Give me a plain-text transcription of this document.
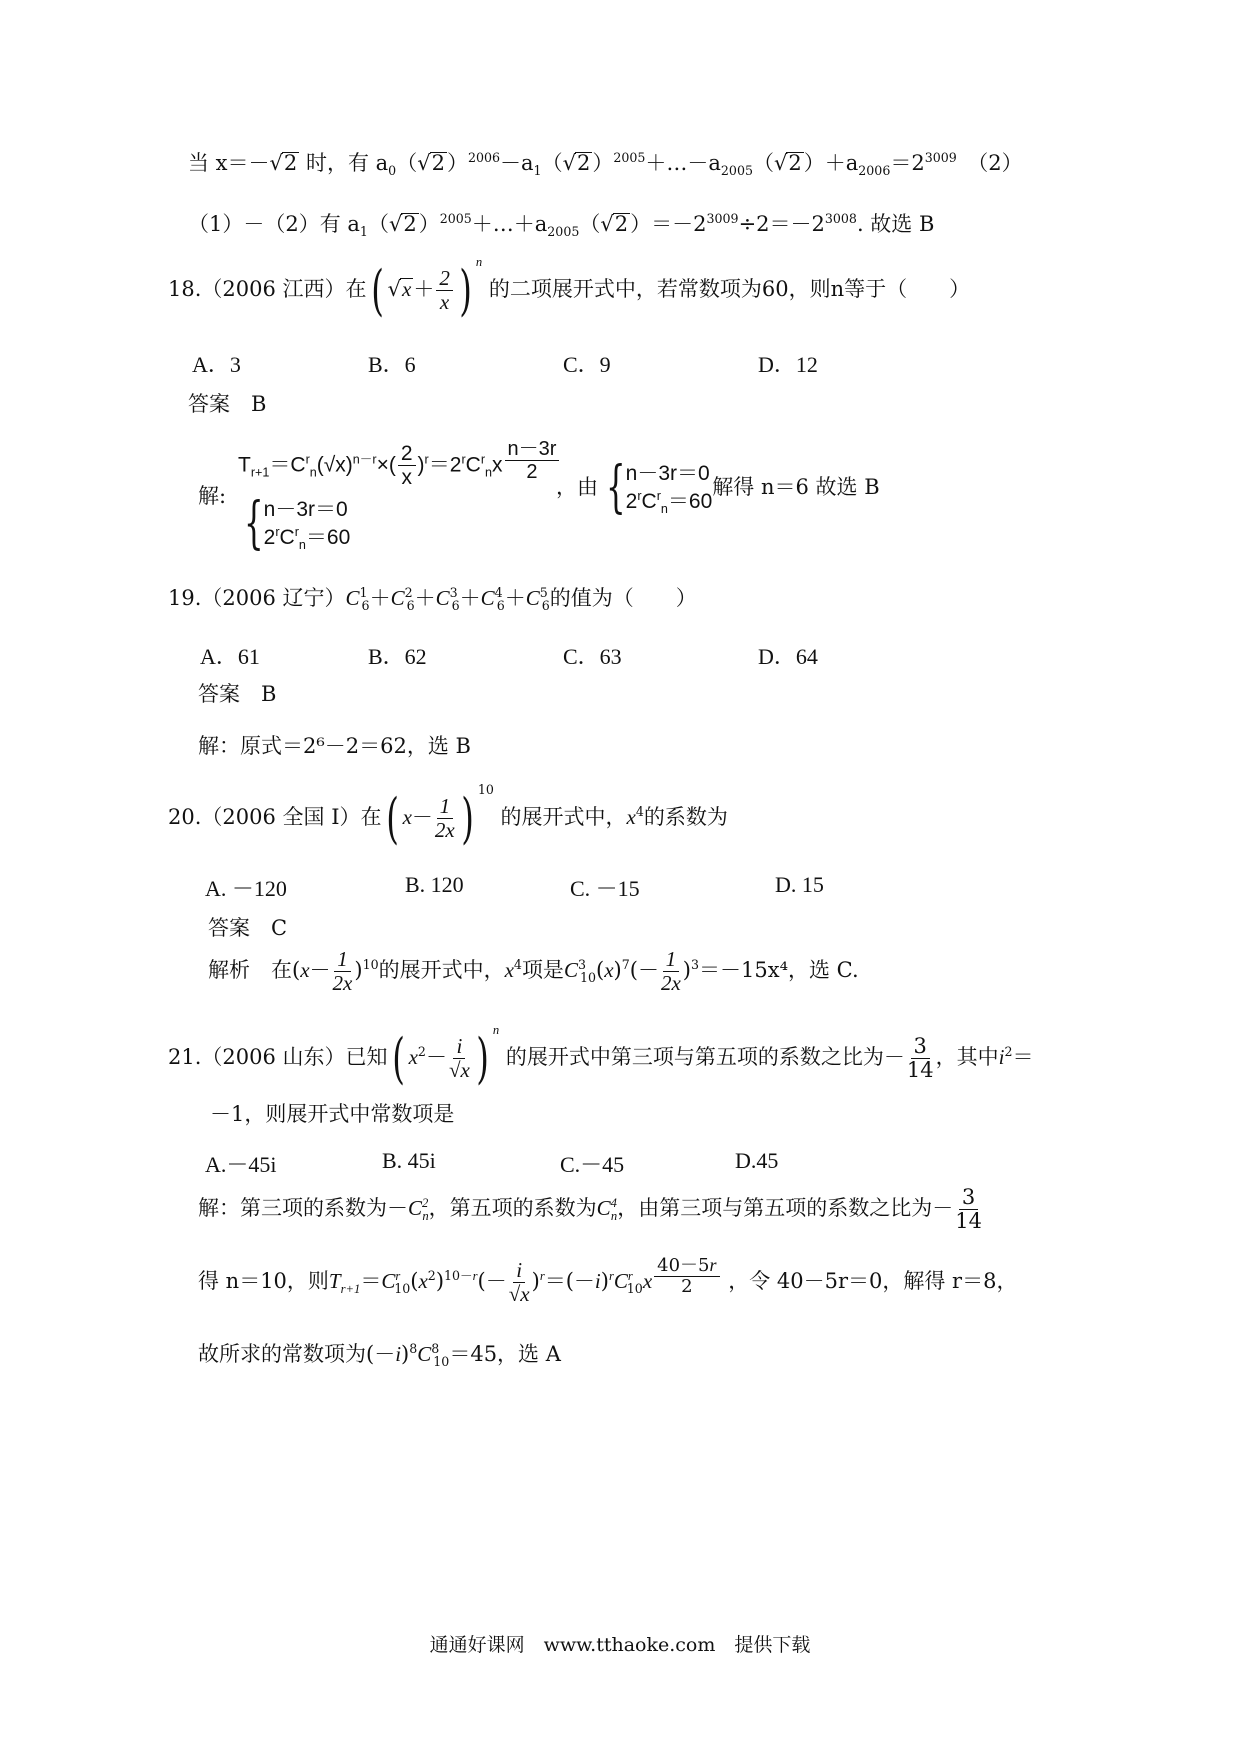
当 x＝－√2 时，有 $a_0(√2)^{2006}-a_1(√2)^{2005}+\dots-a_{2005}(√2)+a_{2006}=2^{3009}$　（2）
（1）－（2）有 $a_1(√2)^{2005}+\dots+a_{2005}(√2)=-2^{3009}\div 2=-2^{3008}$. 故选 B
18.（2006 江西）在( $√x+ \frac{2}{x}$ ) $^n$ 的二项展开式中，若常数项为60，则n等于（　　）
A．3	B．6	C．9	D．12
答案　B
$T_{r+1}=C^r_n(√x)^{n-r}\times( \frac{2}{x} )^r=2^rC^r_nx$ $^{\frac{n-3r}{2}}$
解: { n－3r＝0
$2^rC^r_n=60$
，由 { n－3r＝0
$2^rC^r_n=60$
解得 n＝6 故选 B
19.（2006 辽宁）$C^1_6+C^2_6+C^3_6+C^4_6+C^5_6$的值为（　　）
A．61	B．62	C．63	D．64
答案　B
解：原式＝2⁶－2＝62，选 B
20.（2006 全国 I）在( $x- \frac{1}{2x}$ ) $^{10}$ 的展开式中，$x^4$的系数为
A. －120	B. 120	C. －15	D. 15
答案　C
解析　在$(x- \frac{1}{2x} )^{10}$的展开式中，$x^4$项是$C^3_{10}(x)^7(- \frac{1}{2x} )^3=-15x^4$，选 C.
21.（2006 山东）已知( $x^2- \frac{i}{√x}$ ) $^n$ 的展开式中第三项与第五项的系数之比为－ $\frac{3}{14}$ ，其中$i^2=$
－1，则展开式中常数项是
A.－45i	B. 45i	C.－45	D.45
解：第三项的系数为$-C^2_n$，第五项的系数为$C^4_n$，由第三项与第五项的系数之比为－ $\frac{3}{14}$
得 n＝10，则$T_{r+1}=C^r_{10}(x^2)^{10-r}(- \frac{i}{√x} )^r=(-i)^rC^r_{10}x$ $^{\frac{40-5r}{2}}$ ，令 40－5r＝0，解得 r＝8，
故所求的常数项为$(-i)^8C^8_{10}=45$，选 A
通通好课网　www.tthaoke.com　提供下载
